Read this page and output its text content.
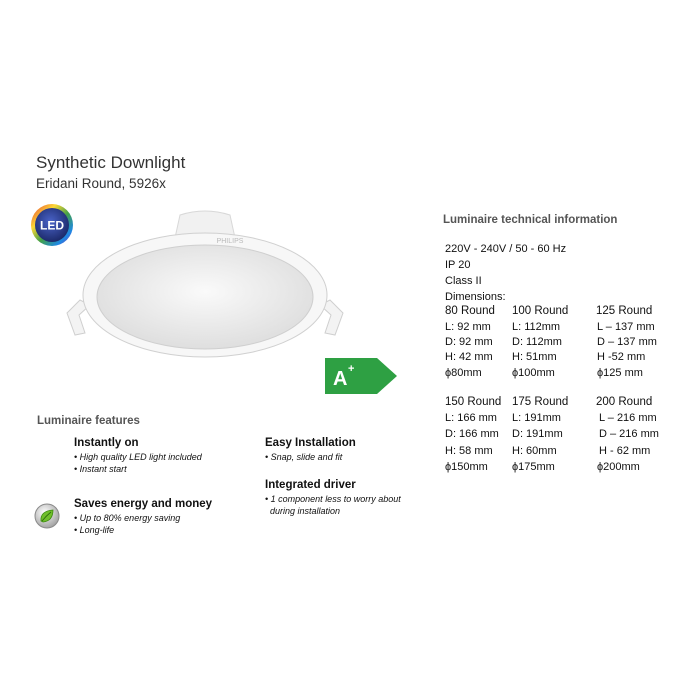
Synthetic Downlight
Eridani Round, 5926x
LED
PHILIPS
A +
Luminaire technical information
220V - 240V / 50 - 60 Hz
IP 20
Class II
Dimensions:
80 Round
L: 92 mm
D: 92 mm
H: 42 mm
ϕ80mm
100 Round
L: 112mm
D: 112mm
H: 51mm
ϕ100mm
125 Round
L – 137 mm
D – 137 mm
H -52 mm
ϕ125 mm
150 Round
L: 166 mm
D: 166 mm
H: 58 mm
ϕ150mm
175 Round
L: 191mm
D: 191mm
H: 60mm
ϕ175mm
200 Round
L – 216 mm
D – 216 mm
H - 62 mm
ϕ200mm
Luminaire features
Instantly on
• High quality LED light included
• Instant start
Saves energy and money
• Up to 80% energy saving
• Long-life
Easy Installation
• Snap, slide and fit
Integrated driver
• 1 component less to worry about
during installation
